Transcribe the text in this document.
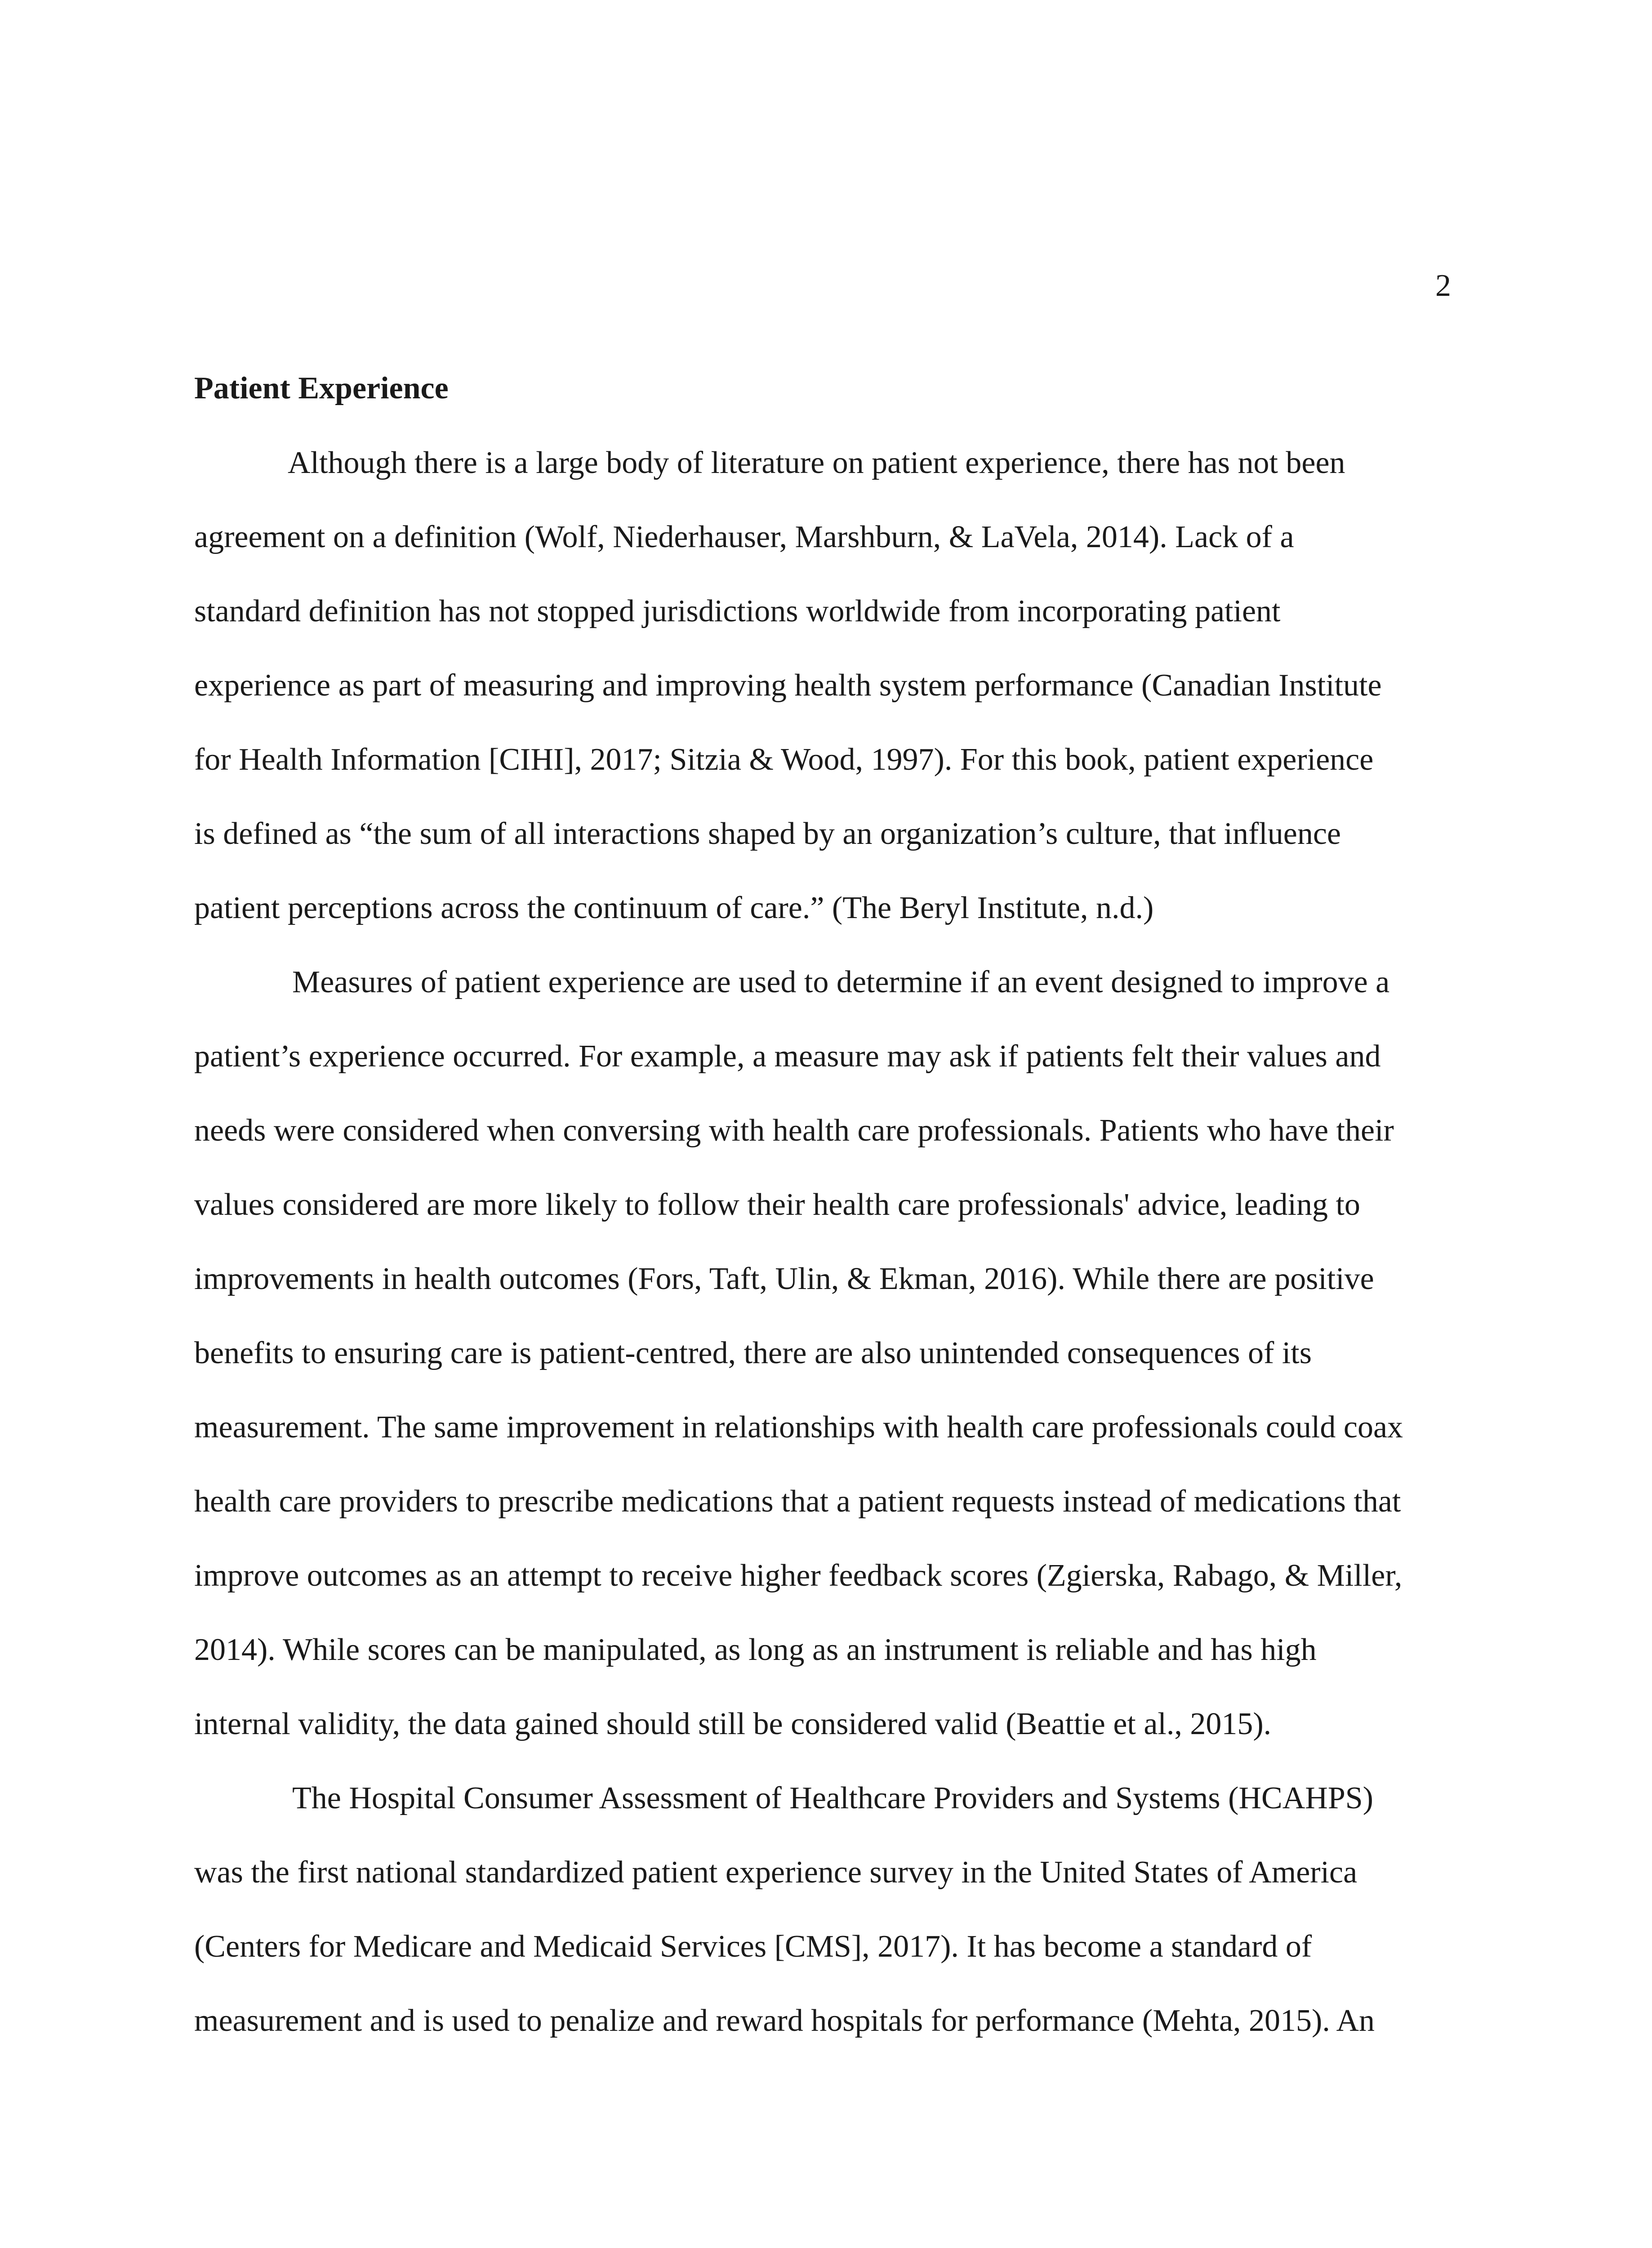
2
Patient Experience
Although there is a large body of literature on patient experience, there has not been
agreement on a definition (Wolf, Niederhauser, Marshburn, & LaVela, 2014). Lack of a
standard definition has not stopped jurisdictions worldwide from incorporating patient
experience as part of measuring and improving health system performance (Canadian Institute
for Health Information [CIHI], 2017; Sitzia & Wood, 1997). For this book, patient experience
is defined as “the sum of all interactions shaped by an organization’s culture, that influence
patient perceptions across the continuum of care.” (The Beryl Institute, n.d.)
Measures of patient experience are used to determine if an event designed to improve a
patient’s experience occurred. For example, a measure may ask if patients felt their values and
needs were considered when conversing with health care professionals. Patients who have their
values considered are more likely to follow their health care professionals' advice, leading to
improvements in health outcomes (Fors, Taft, Ulin, & Ekman, 2016). While there are positive
benefits to ensuring care is patient-centred, there are also unintended consequences of its
measurement. The same improvement in relationships with health care professionals could coax
health care providers to prescribe medications that a patient requests instead of medications that
improve outcomes as an attempt to receive higher feedback scores (Zgierska, Rabago, & Miller,
2014). While scores can be manipulated, as long as an instrument is reliable and has high
internal validity, the data gained should still be considered valid (Beattie et al., 2015).
The Hospital Consumer Assessment of Healthcare Providers and Systems (HCAHPS)
was the first national standardized patient experience survey in the United States of America
(Centers for Medicare and Medicaid Services [CMS], 2017). It has become a standard of
measurement and is used to penalize and reward hospitals for performance (Mehta, 2015). An
